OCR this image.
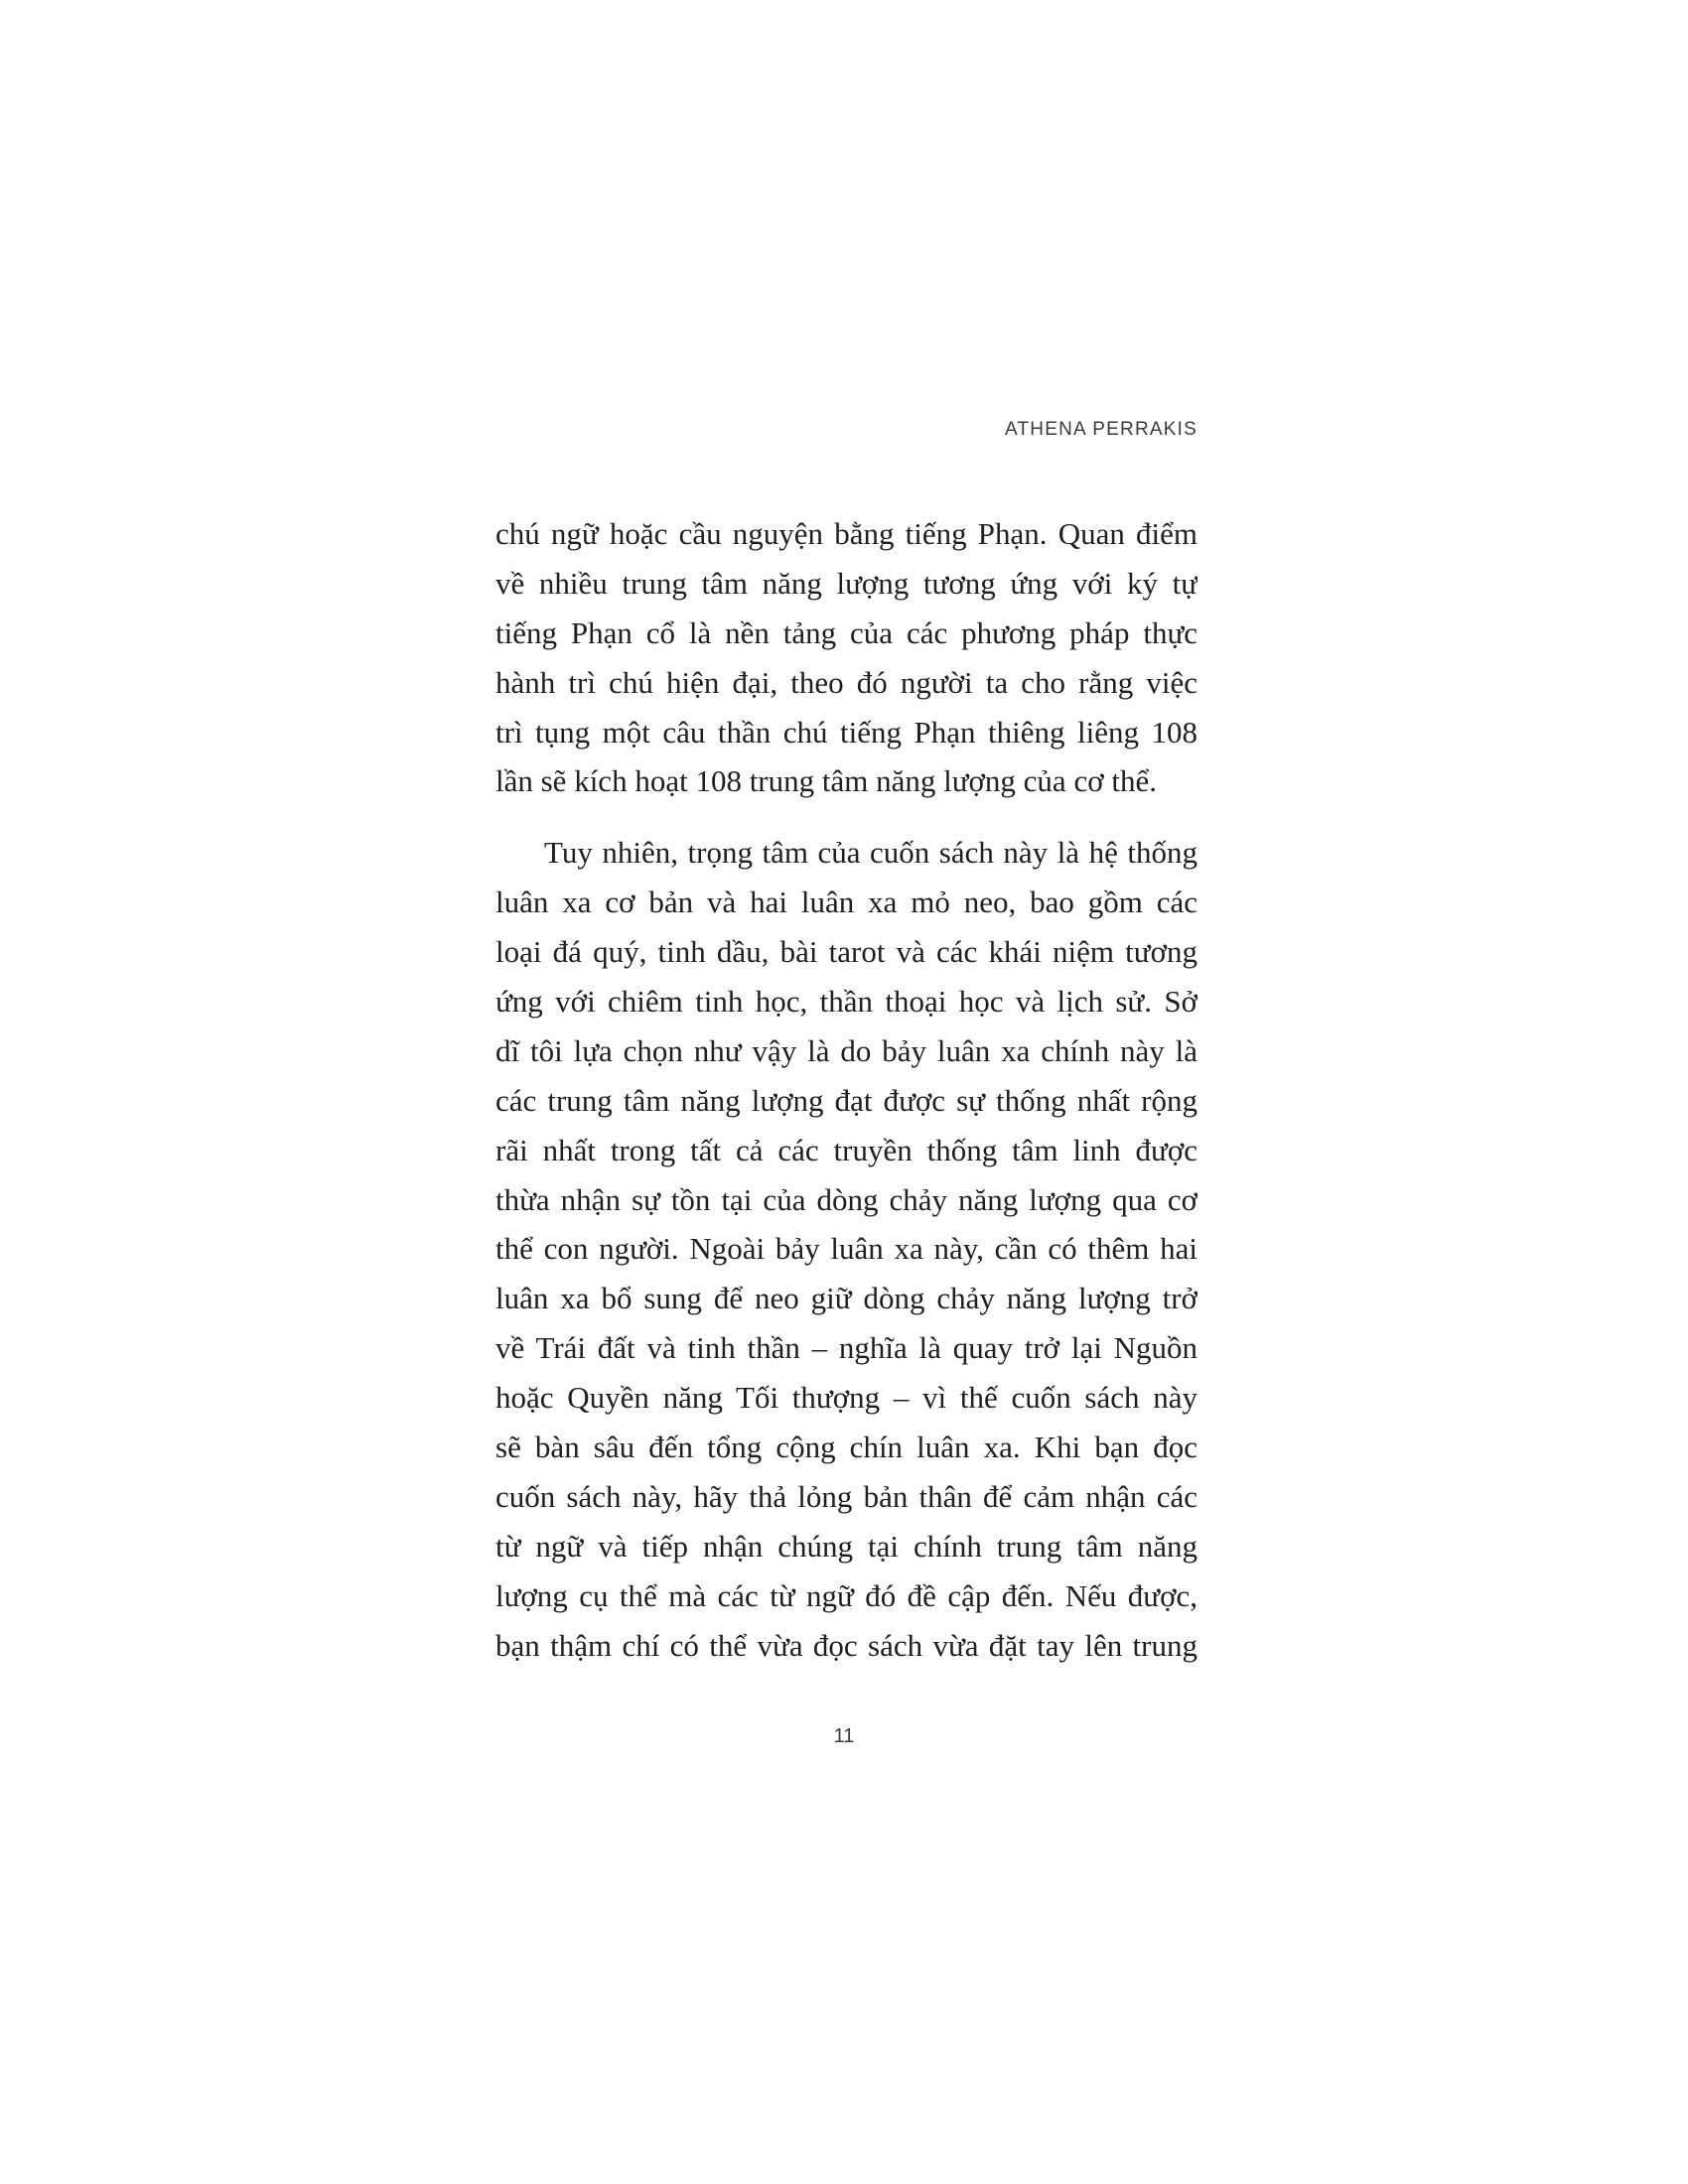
ATHENA PERRAKIS
chú ngữ hoặc cầu nguyện bằng tiếng Phạn. Quan điểm
về nhiều trung tâm năng lượng tương ứng với ký tự
tiếng Phạn cổ là nền tảng của các phương pháp thực
hành trì chú hiện đại, theo đó người ta cho rằng việc
trì tụng một câu thần chú tiếng Phạn thiêng liêng 108
lần sẽ kích hoạt 108 trung tâm năng lượng của cơ thể.
Tuy nhiên, trọng tâm của cuốn sách này là hệ thống
luân xa cơ bản và hai luân xa mỏ neo, bao gồm các
loại đá quý, tinh dầu, bài tarot và các khái niệm tương
ứng với chiêm tinh học, thần thoại học và lịch sử. Sở
dĩ tôi lựa chọn như vậy là do bảy luân xa chính này là
các trung tâm năng lượng đạt được sự thống nhất rộng
rãi nhất trong tất cả các truyền thống tâm linh được
thừa nhận sự tồn tại của dòng chảy năng lượng qua cơ
thể con người. Ngoài bảy luân xa này, cần có thêm hai
luân xa bổ sung để neo giữ dòng chảy năng lượng trở
về Trái đất và tinh thần – nghĩa là quay trở lại Nguồn
hoặc Quyền năng Tối thượng – vì thế cuốn sách này
sẽ bàn sâu đến tổng cộng chín luân xa. Khi bạn đọc
cuốn sách này, hãy thả lỏng bản thân để cảm nhận các
từ ngữ và tiếp nhận chúng tại chính trung tâm năng
lượng cụ thể mà các từ ngữ đó đề cập đến. Nếu được,
bạn thậm chí có thể vừa đọc sách vừa đặt tay lên trung
11
